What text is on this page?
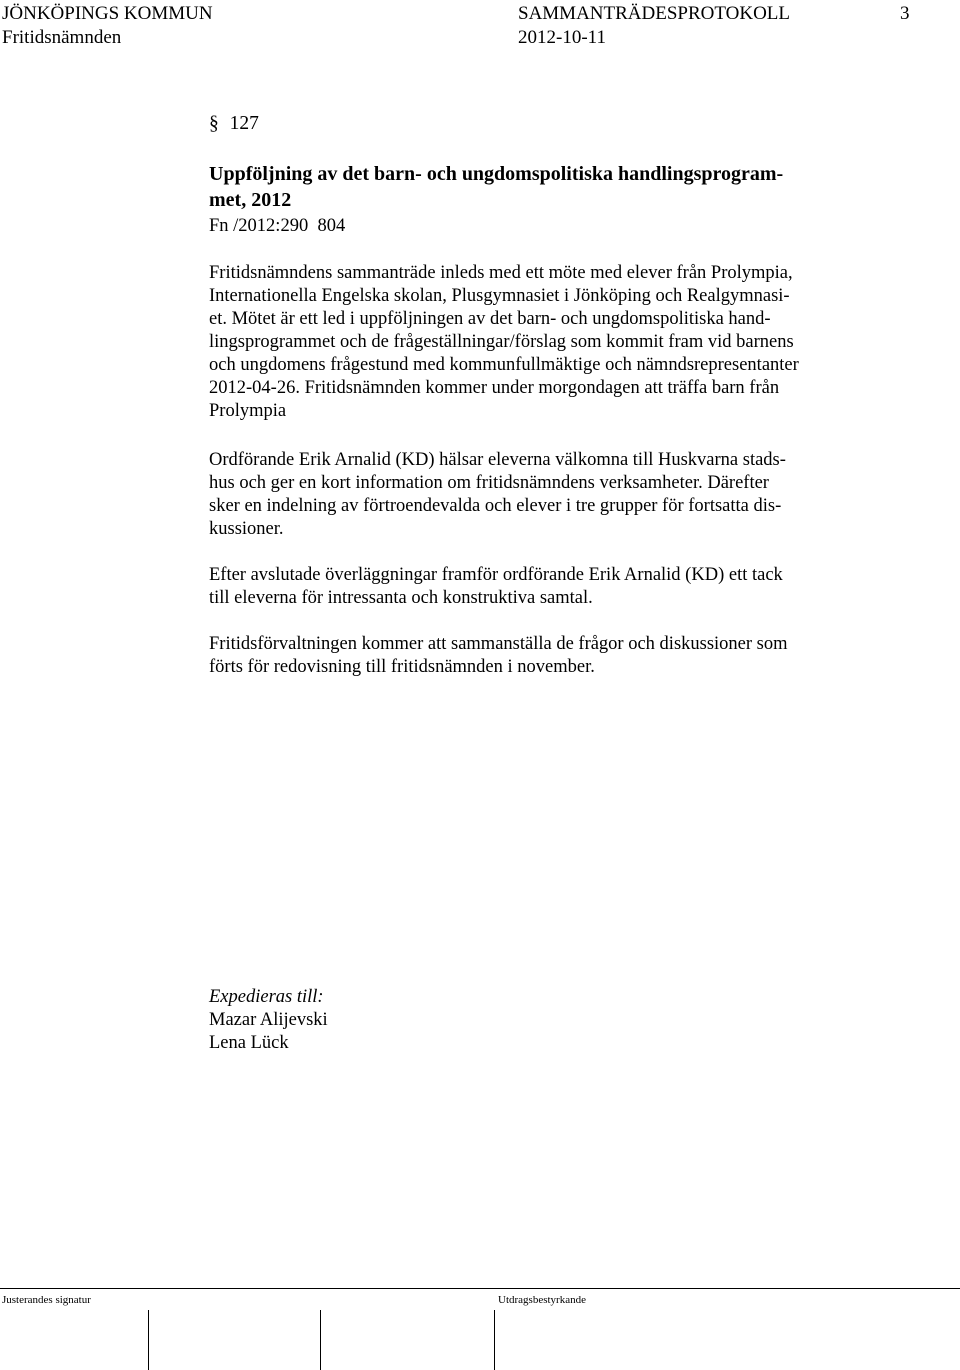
JÖNKÖPINGS KOMMUN	SAMMANTRÄDESPROTOKOLL	3
Fritidsnämnden	2012-10-11
§ 127
Uppföljning av det barn- och ungdomspolitiska handlingsprogram-
met, 2012
Fn /2012:290  804
Fritidsnämndens sammanträde inleds med ett möte med elever från Prolympia,
Internationella Engelska skolan, Plusgymnasiet i Jönköping och Realgymnasi-
et. Mötet är ett led i uppföljningen av det barn- och ungdomspolitiska hand-
lingsprogrammet och de frågeställningar/förslag som kommit fram vid barnens
och ungdomens frågestund med kommunfullmäktige och nämndsrepresentanter
2012-04-26. Fritidsnämnden kommer under morgondagen att träffa barn från
Prolympia
Ordförande Erik Arnalid (KD) hälsar eleverna välkomna till Huskvarna stads-
hus och ger en kort information om fritidsnämndens verksamheter. Därefter
sker en indelning av förtroendevalda och elever i tre grupper för fortsatta dis-
kussioner.
Efter avslutade överläggningar framför ordförande Erik Arnalid (KD) ett tack
till eleverna för intressanta och konstruktiva samtal.
Fritidsförvaltningen kommer att sammanställa de frågor och diskussioner som
förts för redovisning till fritidsnämnden i november.
Expedieras till:
Mazar Alijevski
Lena Lück
Justerandes signatur	Utdragsbestyrkande
